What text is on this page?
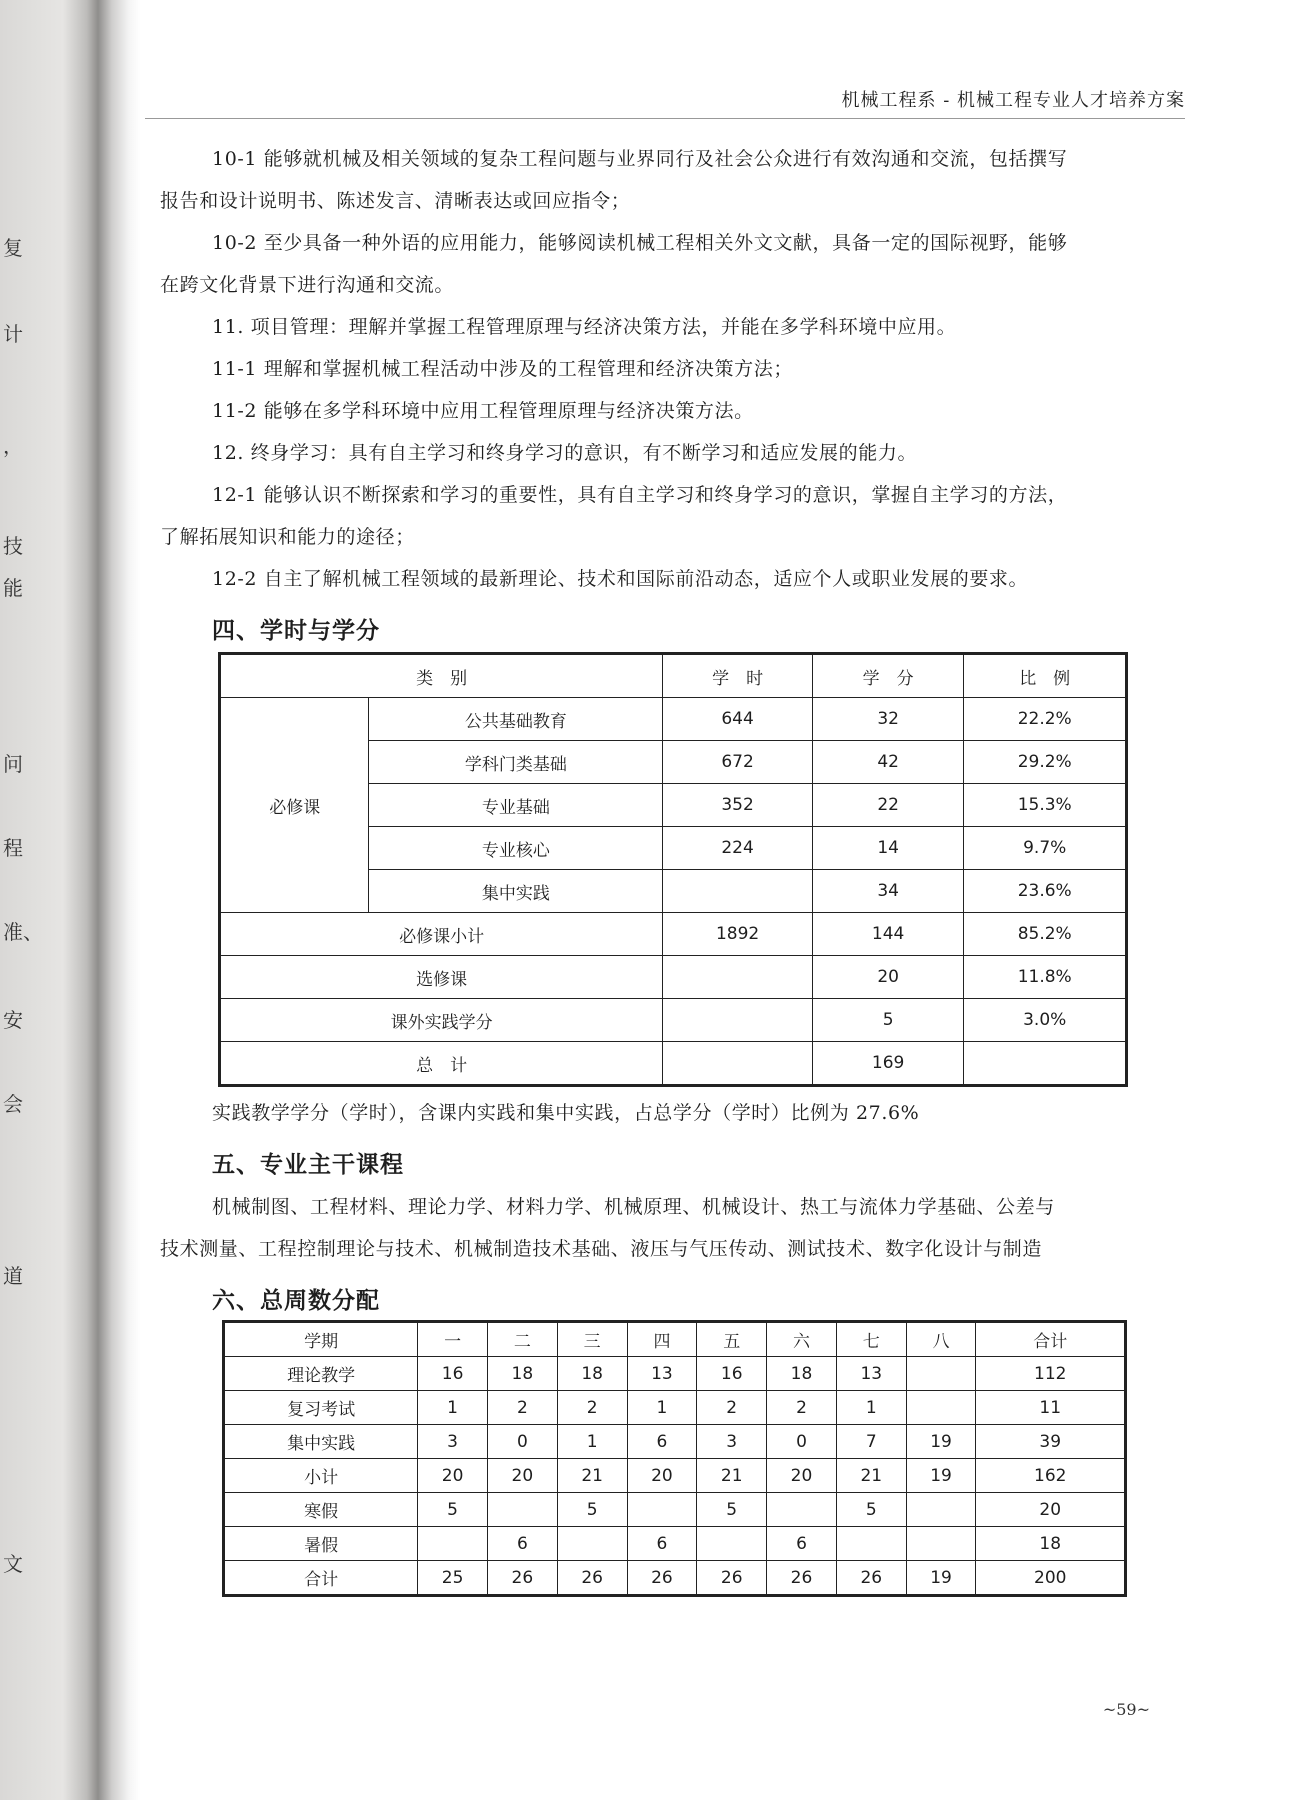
复
计
，
技
能
问
程
准、
安
会
道
文
机械工程系 - 机械工程专业人才培养方案
10-1 能够就机械及相关领域的复杂工程问题与业界同行及社会公众进行有效沟通和交流，包括撰写
报告和设计说明书、陈述发言、清晰表达或回应指令；
10-2 至少具备一种外语的应用能力，能够阅读机械工程相关外文文献，具备一定的国际视野，能够
在跨文化背景下进行沟通和交流。
11. 项目管理：理解并掌握工程管理原理与经济决策方法，并能在多学科环境中应用。
11-1 理解和掌握机械工程活动中涉及的工程管理和经济决策方法；
11-2 能够在多学科环境中应用工程管理原理与经济决策方法。
12. 终身学习：具有自主学习和终身学习的意识，有不断学习和适应发展的能力。
12-1 能够认识不断探索和学习的重要性，具有自主学习和终身学习的意识，掌握自主学习的方法，
了解拓展知识和能力的途径；
12-2 自主了解机械工程领域的最新理论、技术和国际前沿动态，适应个人或职业发展的要求。
四、学时与学分
类　别		学　时	学　分	比　例
必修课	公共基础教育	644	32	22.2%
	学科门类基础	672	42	29.2%
	专业基础	352	22	15.3%
	专业核心	224	14	9.7%
	集中实践		34	23.6%
必修课小计		1892	144	85.2%
选修课			20	11.8%
课外实践学分			5	3.0%
总　计			169	
实践教学学分（学时），含课内实践和集中实践，占总学分（学时）比例为 27.6%
五、专业主干课程
机械制图、工程材料、理论力学、材料力学、机械原理、机械设计、热工与流体力学基础、公差与
技术测量、工程控制理论与技术、机械制造技术基础、液压与气压传动、测试技术、数字化设计与制造
六、总周数分配
学期	一	二	三	四	五	六	七	八	合计
理论教学	16	18	18	13	16	18	13		112
复习考试	1	2	2	1	2	2	1		11
集中实践	3	0	1	6	3	0	7	19	39
小计	20	20	21	20	21	20	21	19	162
寒假	5		5		5		5		20
暑假		6		6		6			18
合计	25	26	26	26	26	26	26	19	200
~59~
